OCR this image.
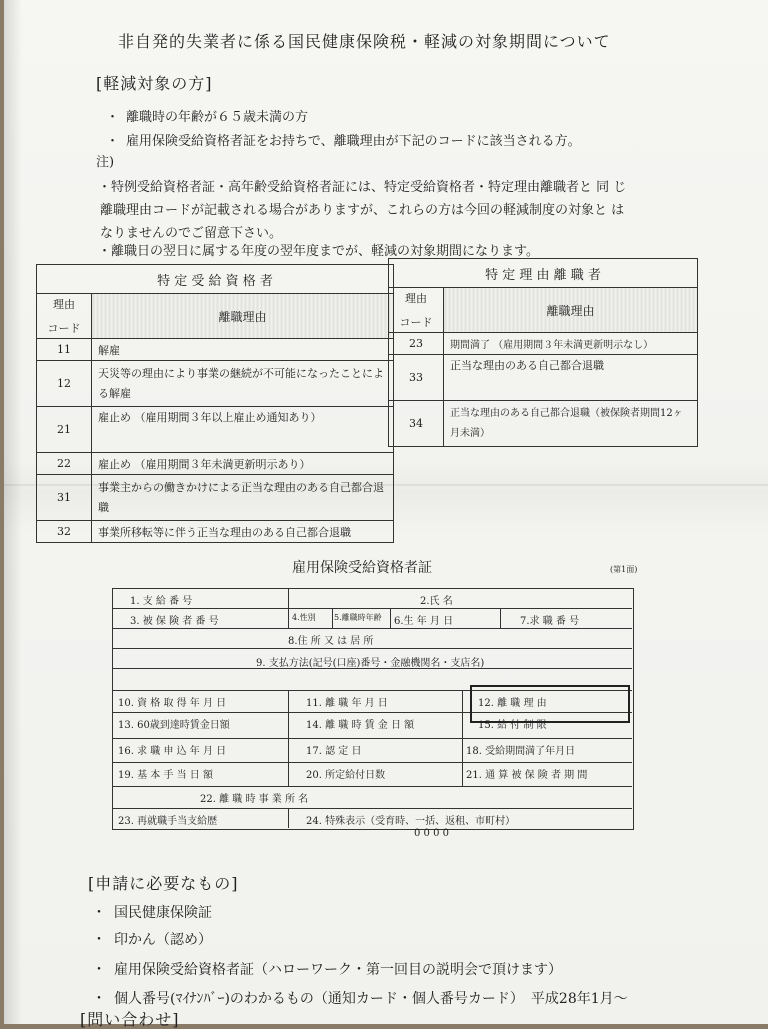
非自発的失業者に係る国民健康保険税・軽減の対象期間について
[軽減対象の方]
・ 離職時の年齢が６５歳未満の方
・ 雇用保険受給資格者証をお持ちで、離職理由が下記のコードに該当される方。
注)
・特例受給資格者証・高年齢受給資格者証には、特定受給資格者・特定理由離職者と 同 じ
離職理由コードが記載される場合がありますが、これらの方は今回の軽減制度の対象と は
なりませんのでご留意下さい。
・離職日の翌日に属する年度の翌年度までが、軽減の対象期間になります。
特 定 受 給 資 格 者	

理由
コード	離職理由
11	解雇
12	天災等の理由により事業の継続が不可能になったことによる解雇
21	雇止め （雇用期間３年以上雇止め通知あり）
22	雇止め （雇用期間３年未満更新明示あり）
31	事業主からの働きかけによる正当な理由のある自己都合退職
32	事業所移転等に伴う正当な理由のある自己都合退職
特 定 理 由 離 職 者	

理由
コード	離職理由
23	期間満了 （雇用期間３年未満更新明示なし）
33	正当な理由のある自己都合退職
34	正当な理由のある自己都合退職（被保険者期間12ヶ月未満）
雇用保険受給資格者証	(第1面)
1. 支 給 番 号	2.氏 名
3. 被 保 険 者 番 号	4.性別 5.離職時年齢 6.生 年 月 日	7.求 職 番 号
8.住 所 又 は 居 所
9. 支払方法(記号(口座)番号・金融機関名・支店名)
10. 資 格 取 得 年 月 日	11. 離 職 年 月 日	12. 離 職 理 由
13. 60歳到達時賃金日額	14. 離 職 時 賃 金 日 額	15. 給 付 制 限
16. 求 職 申 込 年 月 日	17. 認 定 日	18. 受給期間満了年月日
19. 基 本 手 当 日 額	20. 所定給付日数	21. 通 算 被 保 険 者 期 間
22. 離 職 時 事 業 所 名
23. 再就職手当支給歴	24. 特殊表示（受育時、一括、返租、市町村）
0 0 0 0
[申請に必要なもの]
・ 国民健康保険証
・ 印かん（認め）
・ 雇用保険受給資格者証（ハローワーク・第一回目の説明会で頂けます）
・ 個人番号(ﾏｲﾅﾝﾊﾞｰ)のわかるもの（通知カード・個人番号カード）　平成28年1月～
[問い合わせ]
